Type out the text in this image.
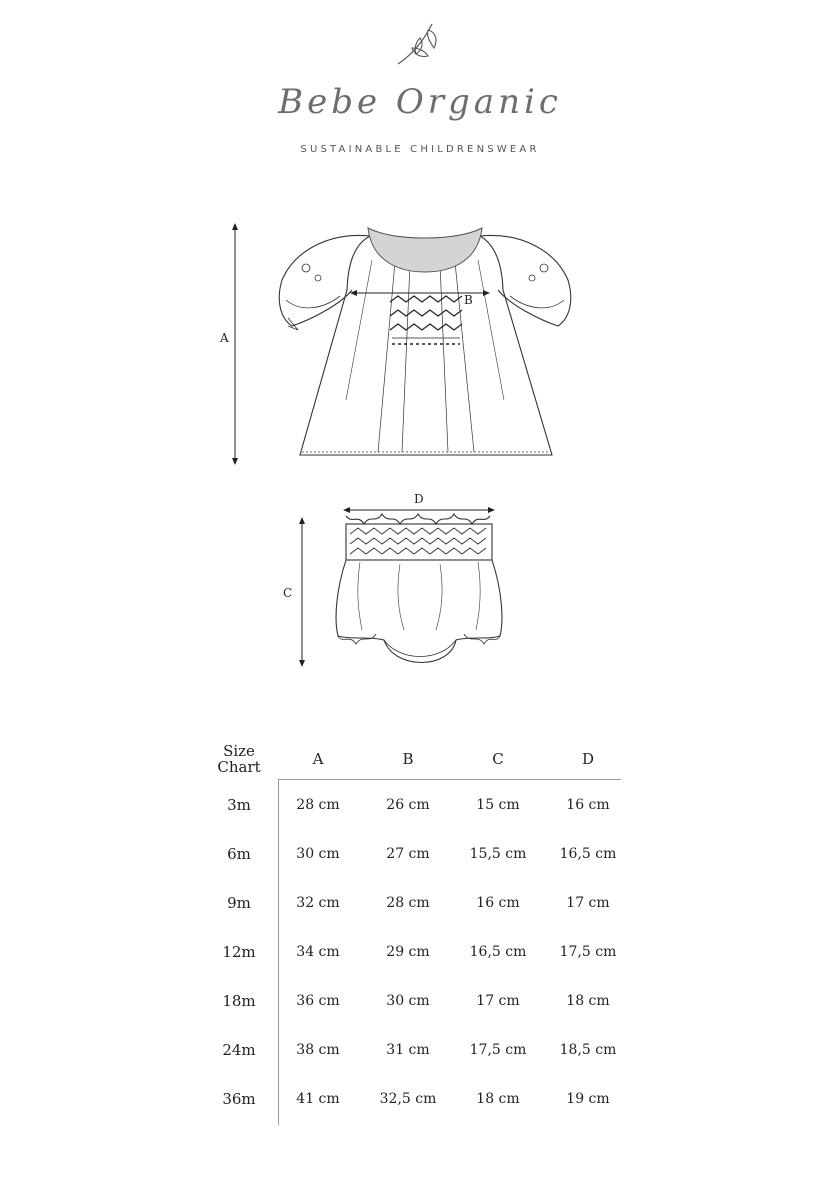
Bebe Organic
SUSTAINABLE CHILDRENSWEAR
A
B
D
C
Size
Chart	A	B	C	D
3m	28 cm	26 cm	15 cm	16 cm
6m	30 cm	27 cm	15,5 cm	16,5 cm
9m	32 cm	28 cm	16 cm	17 cm
12m	34 cm	29 cm	16,5 cm	17,5 cm
18m	36 cm	30 cm	17 cm	18 cm
24m	38 cm	31 cm	17,5 cm	18,5 cm
36m	41 cm	32,5 cm	18 cm	19 cm
